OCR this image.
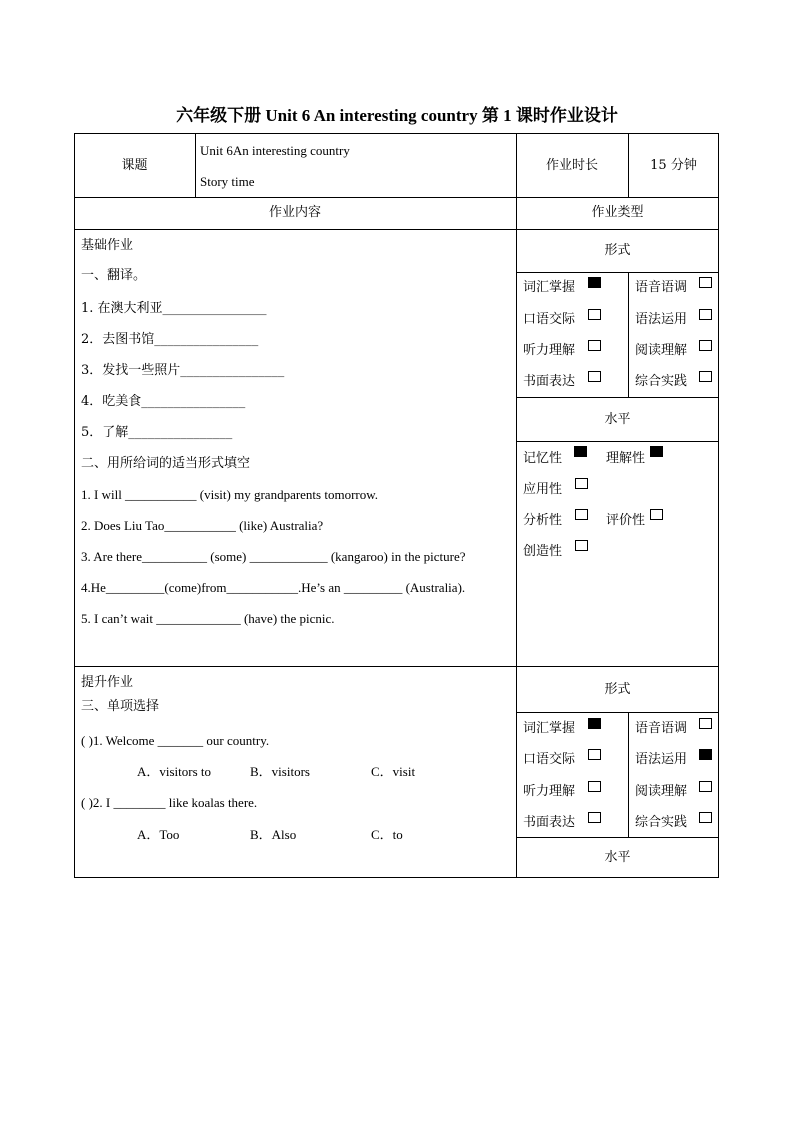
六年级下册 Unit 6 An interesting country 第 1 课时作业设计
课题
Unit 6An interesting country
Story time
作业时长	15 分钟
作业内容	作业类型
基础作业
一、翻译。
1. 在澳大利亚________________
2．去图书馆________________
3．发找一些照片________________
4．吃美食________________
5．了解________________
二、用所给词的适当形式填空
1. I will ___________ (visit) my grandparents tomorrow.
2. Does Liu Tao___________ (like) Australia?
3. Are there__________ (some) ____________ (kangaroo) in the picture?
4.He_________(come)from___________.He’s an _________ (Australia).
5. I can’t wait _____________ (have) the picnic.
提升作业
三、单项选择
( )1. Welcome _______ our country.
A．visitors to	B．visitors	C．visit
( )2. I ________ like koalas there.
A．Too	B．Also	C．to
形式
词汇掌握	语音语调
口语交际	语法运用
听力理解	阅读理解
书面表达	综合实践
水平
记忆性	理解性
应用性
分析性	评价性
创造性
形式
词汇掌握	语音语调
口语交际	语法运用
听力理解	阅读理解
书面表达	综合实践
水平
